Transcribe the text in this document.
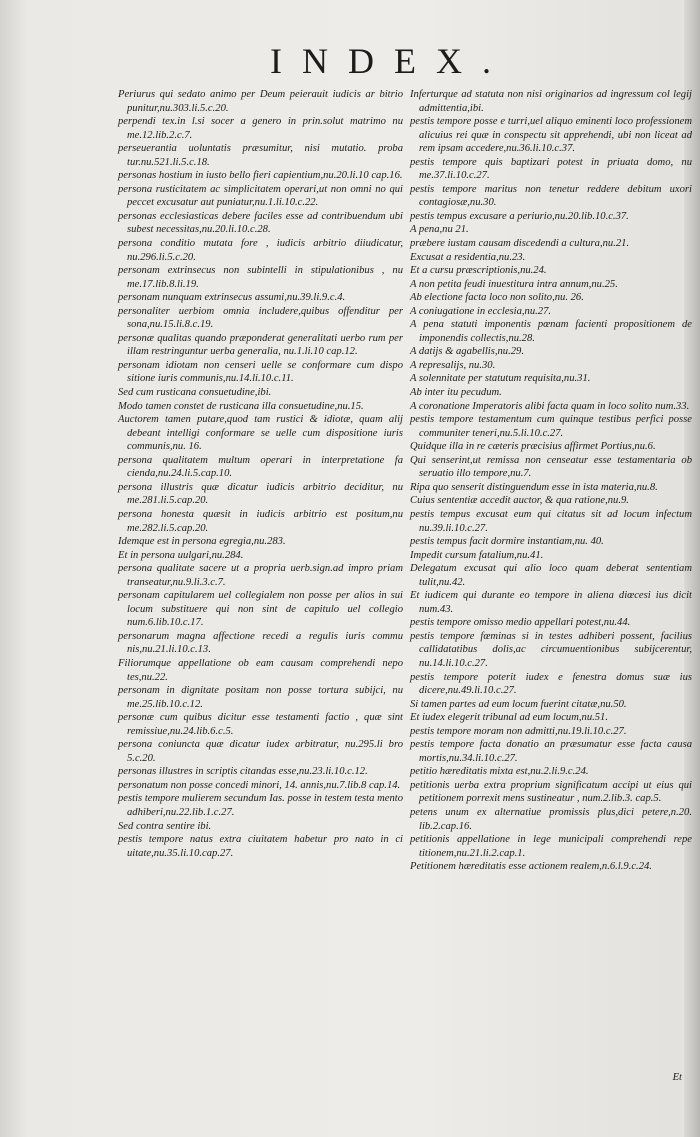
INDEX.

Periurus qui sedato animo per Deum peierauit iudicis ar bitrio punitur,nu.303.li.5.c.20.

perpendi tex.in l.si socer a genero in prin.solut matrimo nu me.12.lib.2.c.7.

perseuerantia uoluntatis præsumitur, nisi mutatio. proba tur.nu.521.li.5.c.18.

personas hostium in iusto bello fieri capientium,nu.20.li.10 cap.16.

persona rusticitatem ac simplicitatem operari,ut non omni no qui peccet excusatur aut puniatur,nu.1.li.10.c.22.

personas ecclesiasticas debere faciles esse ad contribuendum ubi subest necessitas,nu.20.li.10.c.28.

persona conditio mutata fore , iudicis arbitrio diiudicatur, nu.296.li.5.c.20.

personam extrinsecus non subintelli in stipulationibus , nu me.17.lib.8.li.19.

personam nunquam extrinsecus assumi,nu.39.li.9.c.4.

personaliter uerbiom omnia includere,quibus offenditur per sona,nu.15.li.8.c.19.

personæ qualitas quando præponderat generalitati uerbo rum per illam restringuntur uerba generalia, nu.1.li.10 cap.12.

personam idiotam non censeri uelle se conformare cum dispo sitione iuris communis,nu.14.li.10.c.11.

Sed cum rusticana consuetudine,ibi.

Modo tamen constet de rusticana illa consuetudine,nu.15.

Auctorem tamen putare,quod tam rustici & idiotæ, quam alij debeant intelligi conformare se uelle cum dispositione iuris communis,nu. 16.

persona qualitatem multum operari in interpretatione fa cienda,nu.24.li.5.cap.10.

persona illustris quæ dicatur iudicis arbitrio deciditur, nu me.281.li.5.cap.20.

persona honesta quæsit in iudicis arbitrio est positum,nu me.282.li.5.cap.20.

Idemque est in persona egregia,nu.283.

Et in persona uulgari,nu.284.

persona qualitate sacere ut a propria uerb.sign.ad impro priam transeatur,nu.9.li.3.c.7.

personam capitularem uel collegialem non posse per alios in sui locum substituere qui non sint de capitulo uel collegio num.6.lib.10.c.17.

personarum magna affectione recedi a regulis iuris commu nis,nu.21.li.10.c.13.

Filiorumque appellatione ob eam causam comprehendi nepo tes,nu.22.

personam in dignitate positam non posse tortura subijci, nu me.25.lib.10.c.12.

personæ cum quibus dicitur esse testamenti factio , quæ sint remissiue,nu.24.lib.6.c.5.

persona coniuncta quæ dicatur iudex arbitratur, nu.295.li bro 5.c.20.

personas illustres in scriptis citandas esse,nu.23.li.10.c.12.

personatum non posse concedi minori, 14. annis,nu.7.lib.8 cap.14.

pestis tempore mulierem secundum Ias. posse in testem testa mento adhiberi,nu.22.lib.1.c.27.

Sed contra sentire ibi.

pestis tempore natus extra ciuitatem habetur pro nato in ci uitate,nu.35.li.10.cap.27.

Inferturque ad statuta non nisi originarios ad ingressum col legij admittentia,ibi.

pestis tempore posse e turri,uel aliquo eminenti loco professionem alicuius rei quæ in conspectu sit apprehendi, ubi non liceat ad rem ipsam accedere,nu.36.li.10.c.37.

pestis tempore quis baptizari potest in priuata domo, nu me.37.li.10.c.27.

pestis tempore maritus non tenetur reddere debitum uxori contagiosæ,nu.30.

pestis tempus excusare a periurio,nu.20.lib.10.c.37.

A pena,nu 21.

præbere iustam causam discedendi a cultura,nu.21.

Excusat a residentia,nu.23.

Et a cursu præscriptionis,nu.24.

A non petita feudi inuestitura intra annum,nu.25.

Ab electione facta loco non solito,nu. 26.

A coniugatione in ecclesia,nu.27.

A pena statuti imponentis pœnam facienti propositionem de imponendis collectis,nu.28.

A datijs & agabellis,nu.29.

A represalijs, nu.30.

A solennitate per statutum requisita,nu.31.

Ab inter itu pecudum.

A coronatione Imperatoris alibi facta quam in loco solito num.33.

pestis tempore testamentum cum quinque testibus perfici posse communiter teneri,nu.5.li.10.c.27.

Quidque illa in re cæteris præcisius affirmet Portius,nu.6.

Qui senserint,ut remissa non censeatur esse testamentaria ob seruatio illo tempore,nu.7.

Ripa quo senserit distinguendum esse in ista materia,nu.8.

Cuius sententiæ accedit auctor, & qua ratione,nu.9.

pestis tempus excusat eum qui citatus sit ad locum infectum nu.39.li.10.c.27.

pestis tempus facit dormire instantiam,nu. 40.

Impedit cursum fatalium,nu.41.

Delegatum excusat qui alio loco quam deberat sententiam tulit,nu.42.

Et iudicem qui durante eo tempore in aliena diœcesi ius dicit num.43.

pestis tempore omisso medio appellari potest,nu.44.

pestis tempore fœminas si in testes adhiberi possent, facilius callidatatibus dolis,ac circumuentionibus subijcerentur, nu.14.li.10.c.27.

pestis tempore poterit iudex e fenestra domus suæ ius dicere,nu.49.li.10.c.27.

Si tamen partes ad eum locum fuerint citatæ,nu.50.

Et iudex elegerit tribunal ad eum locum,nu.51.

pestis tempore moram non admitti,nu.19.li.10.c.27.

pestis tempore facta donatio an præsumatur esse facta causa mortis,nu.34.li.10.c.27.

petitio hæreditatis mixta est,nu.2.li.9.c.24.

petitionis uerba extra proprium significatum accipi ut eius qui petitionem porrexit mens sustineatur , num.2.lib.3. cap.5.

petens unum ex alternatiue promissis plus,dici petere,n.20. lib.2.cap.16.

petitionis appellatione in lege municipali comprehendi repe titionem,nu.21.li.2.cap.1.

Petitionem hæreditatis esse actionem realem,n.6.l.9.c.24.

Et
